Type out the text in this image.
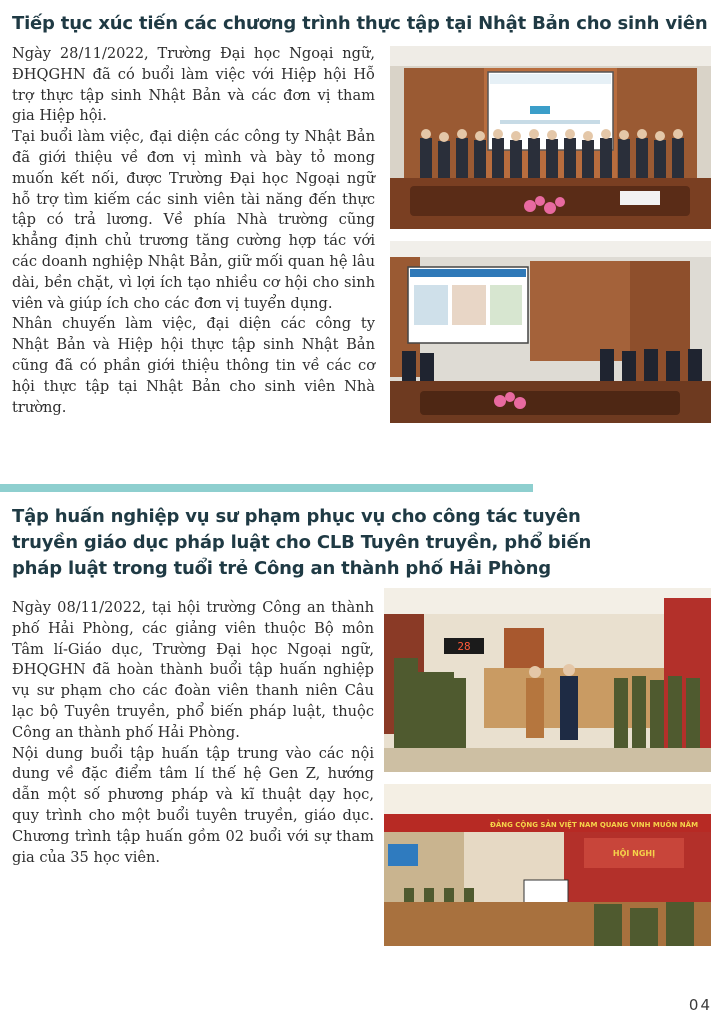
Tiếp tục xúc tiến các chương trình thực tập tại Nhật Bản cho sinh viên

Ngày 28/11/2022, Trường Đại học Ngoại ngữ, ĐHQGHN đã có buổi làm việc với Hiệp hội Hỗ trợ thực tập sinh Nhật Bản và các đơn vị tham gia Hiệp hội.

Tại buổi làm việc, đại diện các công ty Nhật Bản đã giới thiệu về đơn vị mình và bày tỏ mong muốn kết nối, được Trường Đại học Ngoại ngữ hỗ trợ tìm kiếm các sinh viên tài năng đến thực tập có trả lương. Về phía Nhà trường cũng khẳng định chủ trương tăng cường hợp tác với các doanh nghiệp Nhật Bản, giữ mối quan hệ lâu dài, bền chặt, vì lợi ích tạo nhiều cơ hội cho sinh viên và giúp ích cho các đơn vị tuyển dụng.

Nhân chuyến làm việc, đại diện các công ty Nhật Bản và Hiệp hội thực tập sinh Nhật Bản cũng đã có phần giới thiệu thông tin về các cơ hội thực tập tại Nhật Bản cho sinh viên Nhà trường.

Tập huấn nghiệp vụ sư phạm phục vụ cho công tác tuyên truyền giáo dục pháp luật cho CLB Tuyên truyền, phổ biến pháp luật trong tuổi trẻ Công an thành phố Hải Phòng

Ngày 08/11/2022, tại hội trường Công an thành phố Hải Phòng, các giảng viên thuộc Bộ môn Tâm lí-Giáo dục, Trường Đại học Ngoại ngữ, ĐHQGHN đã hoàn thành buổi tập huấn nghiệp vụ sư phạm cho các đoàn viên thanh niên Câu lạc bộ Tuyên truyền, phổ biến pháp luật, thuộc Công an thành phố Hải Phòng.

Nội dung buổi tập huấn tập trung vào các nội dung về đặc điểm tâm lí thế hệ Gen Z, hướng dẫn một số phương pháp và kĩ thuật dạy học, quy trình cho một buổi tuyên truyền, giáo dục. Chương trình tập huấn gồm 02 buổi với sự tham gia của 35 học viên.

28
ĐẢNG CỘNG SẢN VIỆT NAM QUANG VINH MUÔN NĂM
HỘI NGHỊ
04
